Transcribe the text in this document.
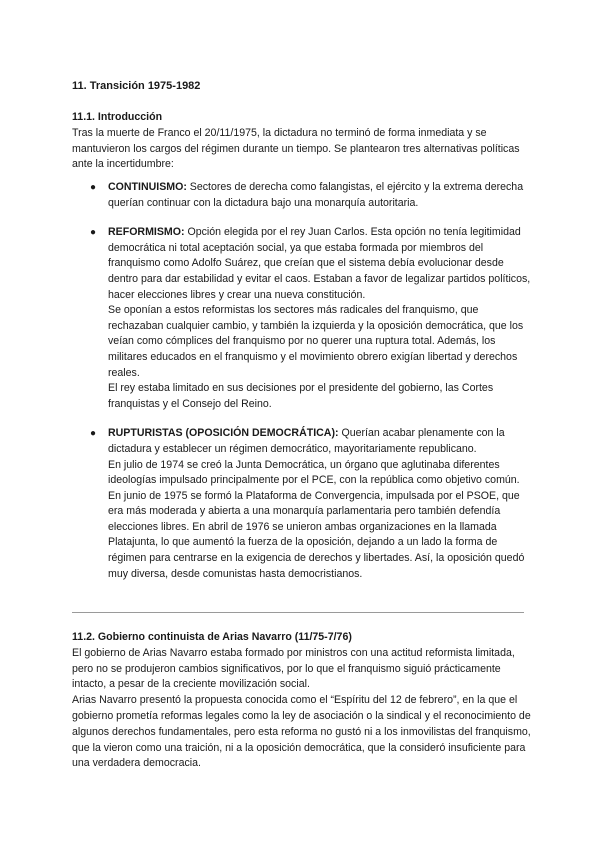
11. Transición 1975-1982
11.1. Introducción

Tras la muerte de Franco el 20/11/1975, la dictadura no terminó de forma inmediata y se mantuvieron los cargos del régimen durante un tiempo. Se plantearon tres alternativas políticas ante la incertidumbre:

● CONTINUISMO: Sectores de derecha como falangistas, el ejército y la extrema derecha querían continuar con la dictadura bajo una monarquía autoritaria.

● REFORMISMO: Opción elegida por el rey Juan Carlos. Esta opción no tenía legitimidad democrática ni total aceptación social, ya que estaba formada por miembros del franquismo como Adolfo Suárez, que creían que el sistema debía evolucionar desde dentro para dar estabilidad y evitar el caos. Estaban a favor de legalizar partidos políticos, hacer elecciones libres y crear una nueva constitución.

Se oponían a estos reformistas los sectores más radicales del franquismo, que rechazaban cualquier cambio, y también la izquierda y la oposición democrática, que los veían como cómplices del franquismo por no querer una ruptura total. Además, los militares educados en el franquismo y el movimiento obrero exigían libertad y derechos reales.

El rey estaba limitado en sus decisiones por el presidente del gobierno, las Cortes franquistas y el Consejo del Reino.

● RUPTURISTAS (OPOSICIÓN DEMOCRÁTICA): Querían acabar plenamente con la dictadura y establecer un régimen democrático, mayoritariamente republicano.

En julio de 1974 se creó la Junta Democrática, un órgano que aglutinaba diferentes ideologías impulsado principalmente por el PCE, con la república como objetivo común. En junio de 1975 se formó la Plataforma de Convergencia, impulsada por el PSOE, que era más moderada y abierta a una monarquía parlamentaria pero también defendía elecciones libres. En abril de 1976 se unieron ambas organizaciones en la llamada Platajunta, lo que aumentó la fuerza de la oposición, dejando a un lado la forma de régimen para centrarse en la exigencia de derechos y libertades. Así, la oposición quedó muy diversa, desde comunistas hasta democristianos.

11.2. Gobierno continuista de Arias Navarro (11/75-7/76)

El gobierno de Arias Navarro estaba formado por ministros con una actitud reformista limitada, pero no se produjeron cambios significativos, por lo que el franquismo siguió prácticamente intacto, a pesar de la creciente movilización social.

Arias Navarro presentó la propuesta conocida como el “Espíritu del 12 de febrero”, en la que el gobierno prometía reformas legales como la ley de asociación o la sindical y el reconocimiento de algunos derechos fundamentales, pero esta reforma no gustó ni a los inmovilistas del franquismo, que la vieron como una traición, ni a la oposición democrática, que la consideró insuficiente para una verdadera democracia.
